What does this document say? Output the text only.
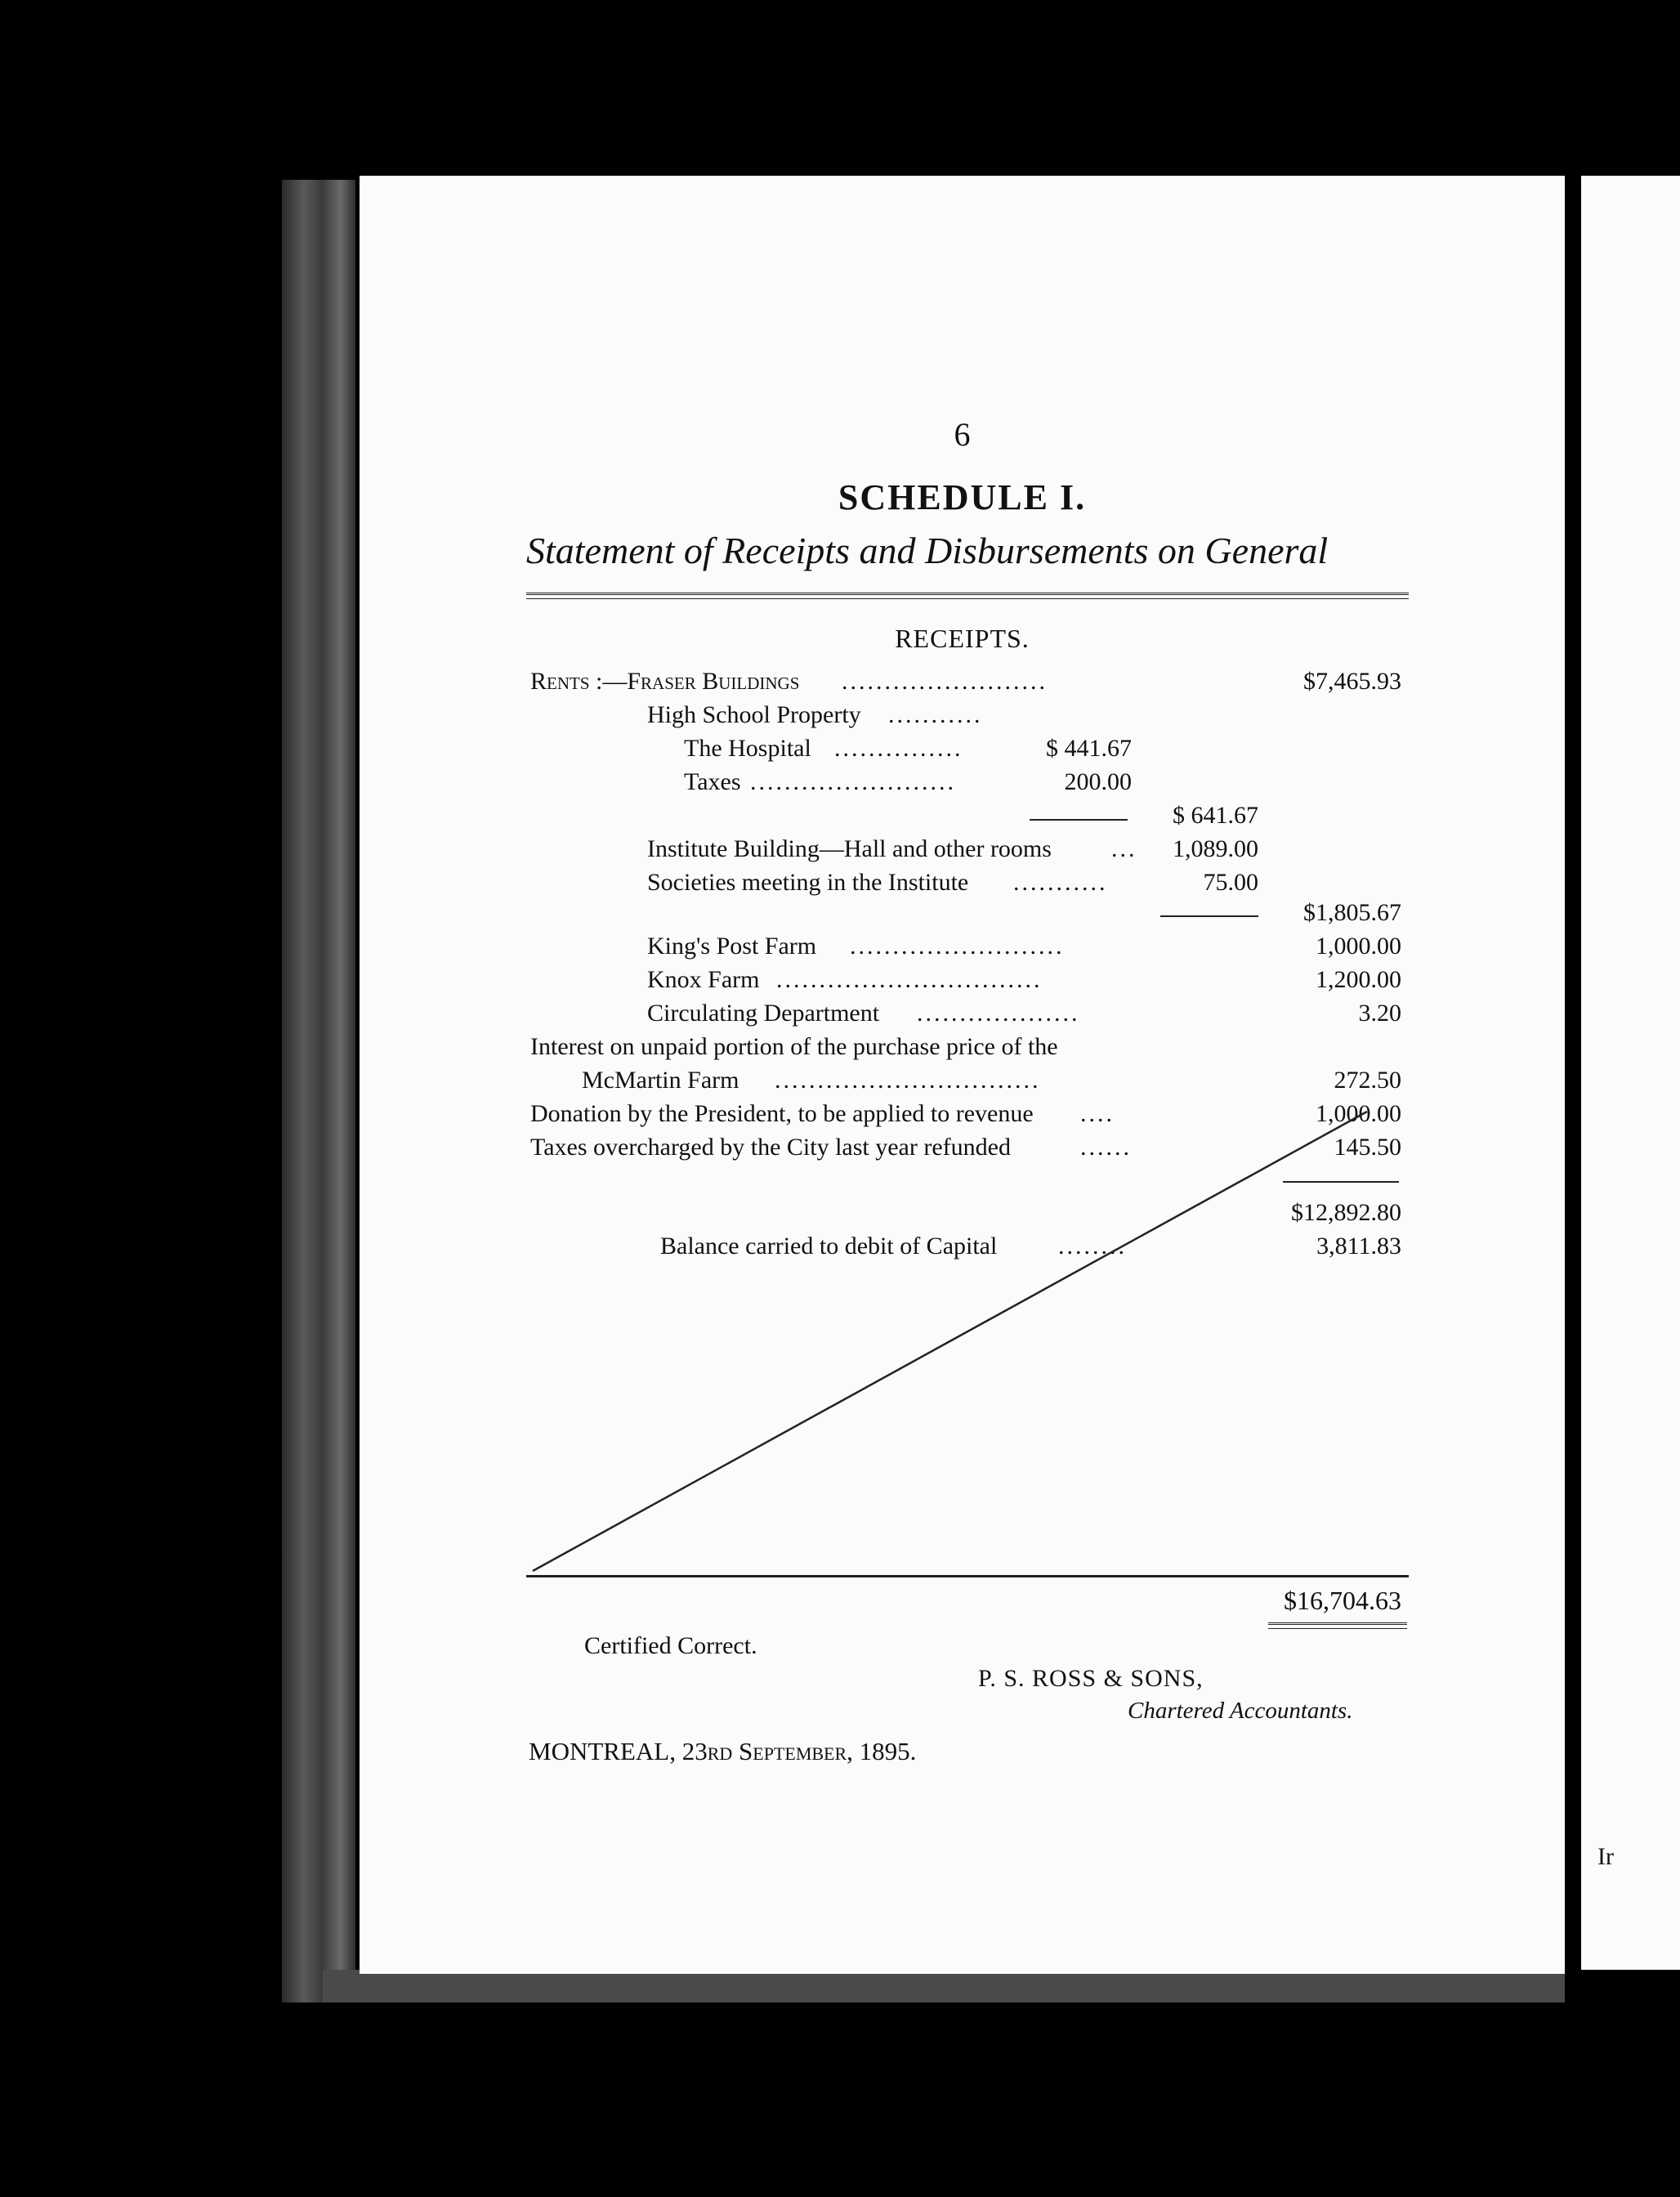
Ir
6
SCHEDULE I.
Statement of Receipts and Disbursements on General
RECEIPTS.
Rents :—Fraser Buildings ........................	$7,465.93
High School Property ...........
The Hospital ...............	$ 441.67
Taxes ........................	200.00
$ 641.67
Institute Building—Hall and other rooms ... 1,089.00
Societies meeting in the Institute ...........	75.00
$1,805.67
King's Post Farm .........................	1,000.00
Knox Farm ...............................	1,200.00
Circulating Department ...................	3.20
Interest on unpaid portion of the purchase price of the
McMartin Farm ...............................	272.50
Donation by the President, to be applied to revenue ....	1,000.00
Taxes overcharged by the City last year refunded	......	145.50
$12,892.80
Balance carried to debit of Capital ........	3,811.83
$16,704.63
Certified Correct.
P. S. ROSS & SONS,
Chartered Accountants.
MONTREAL, 23rd September, 1895.
